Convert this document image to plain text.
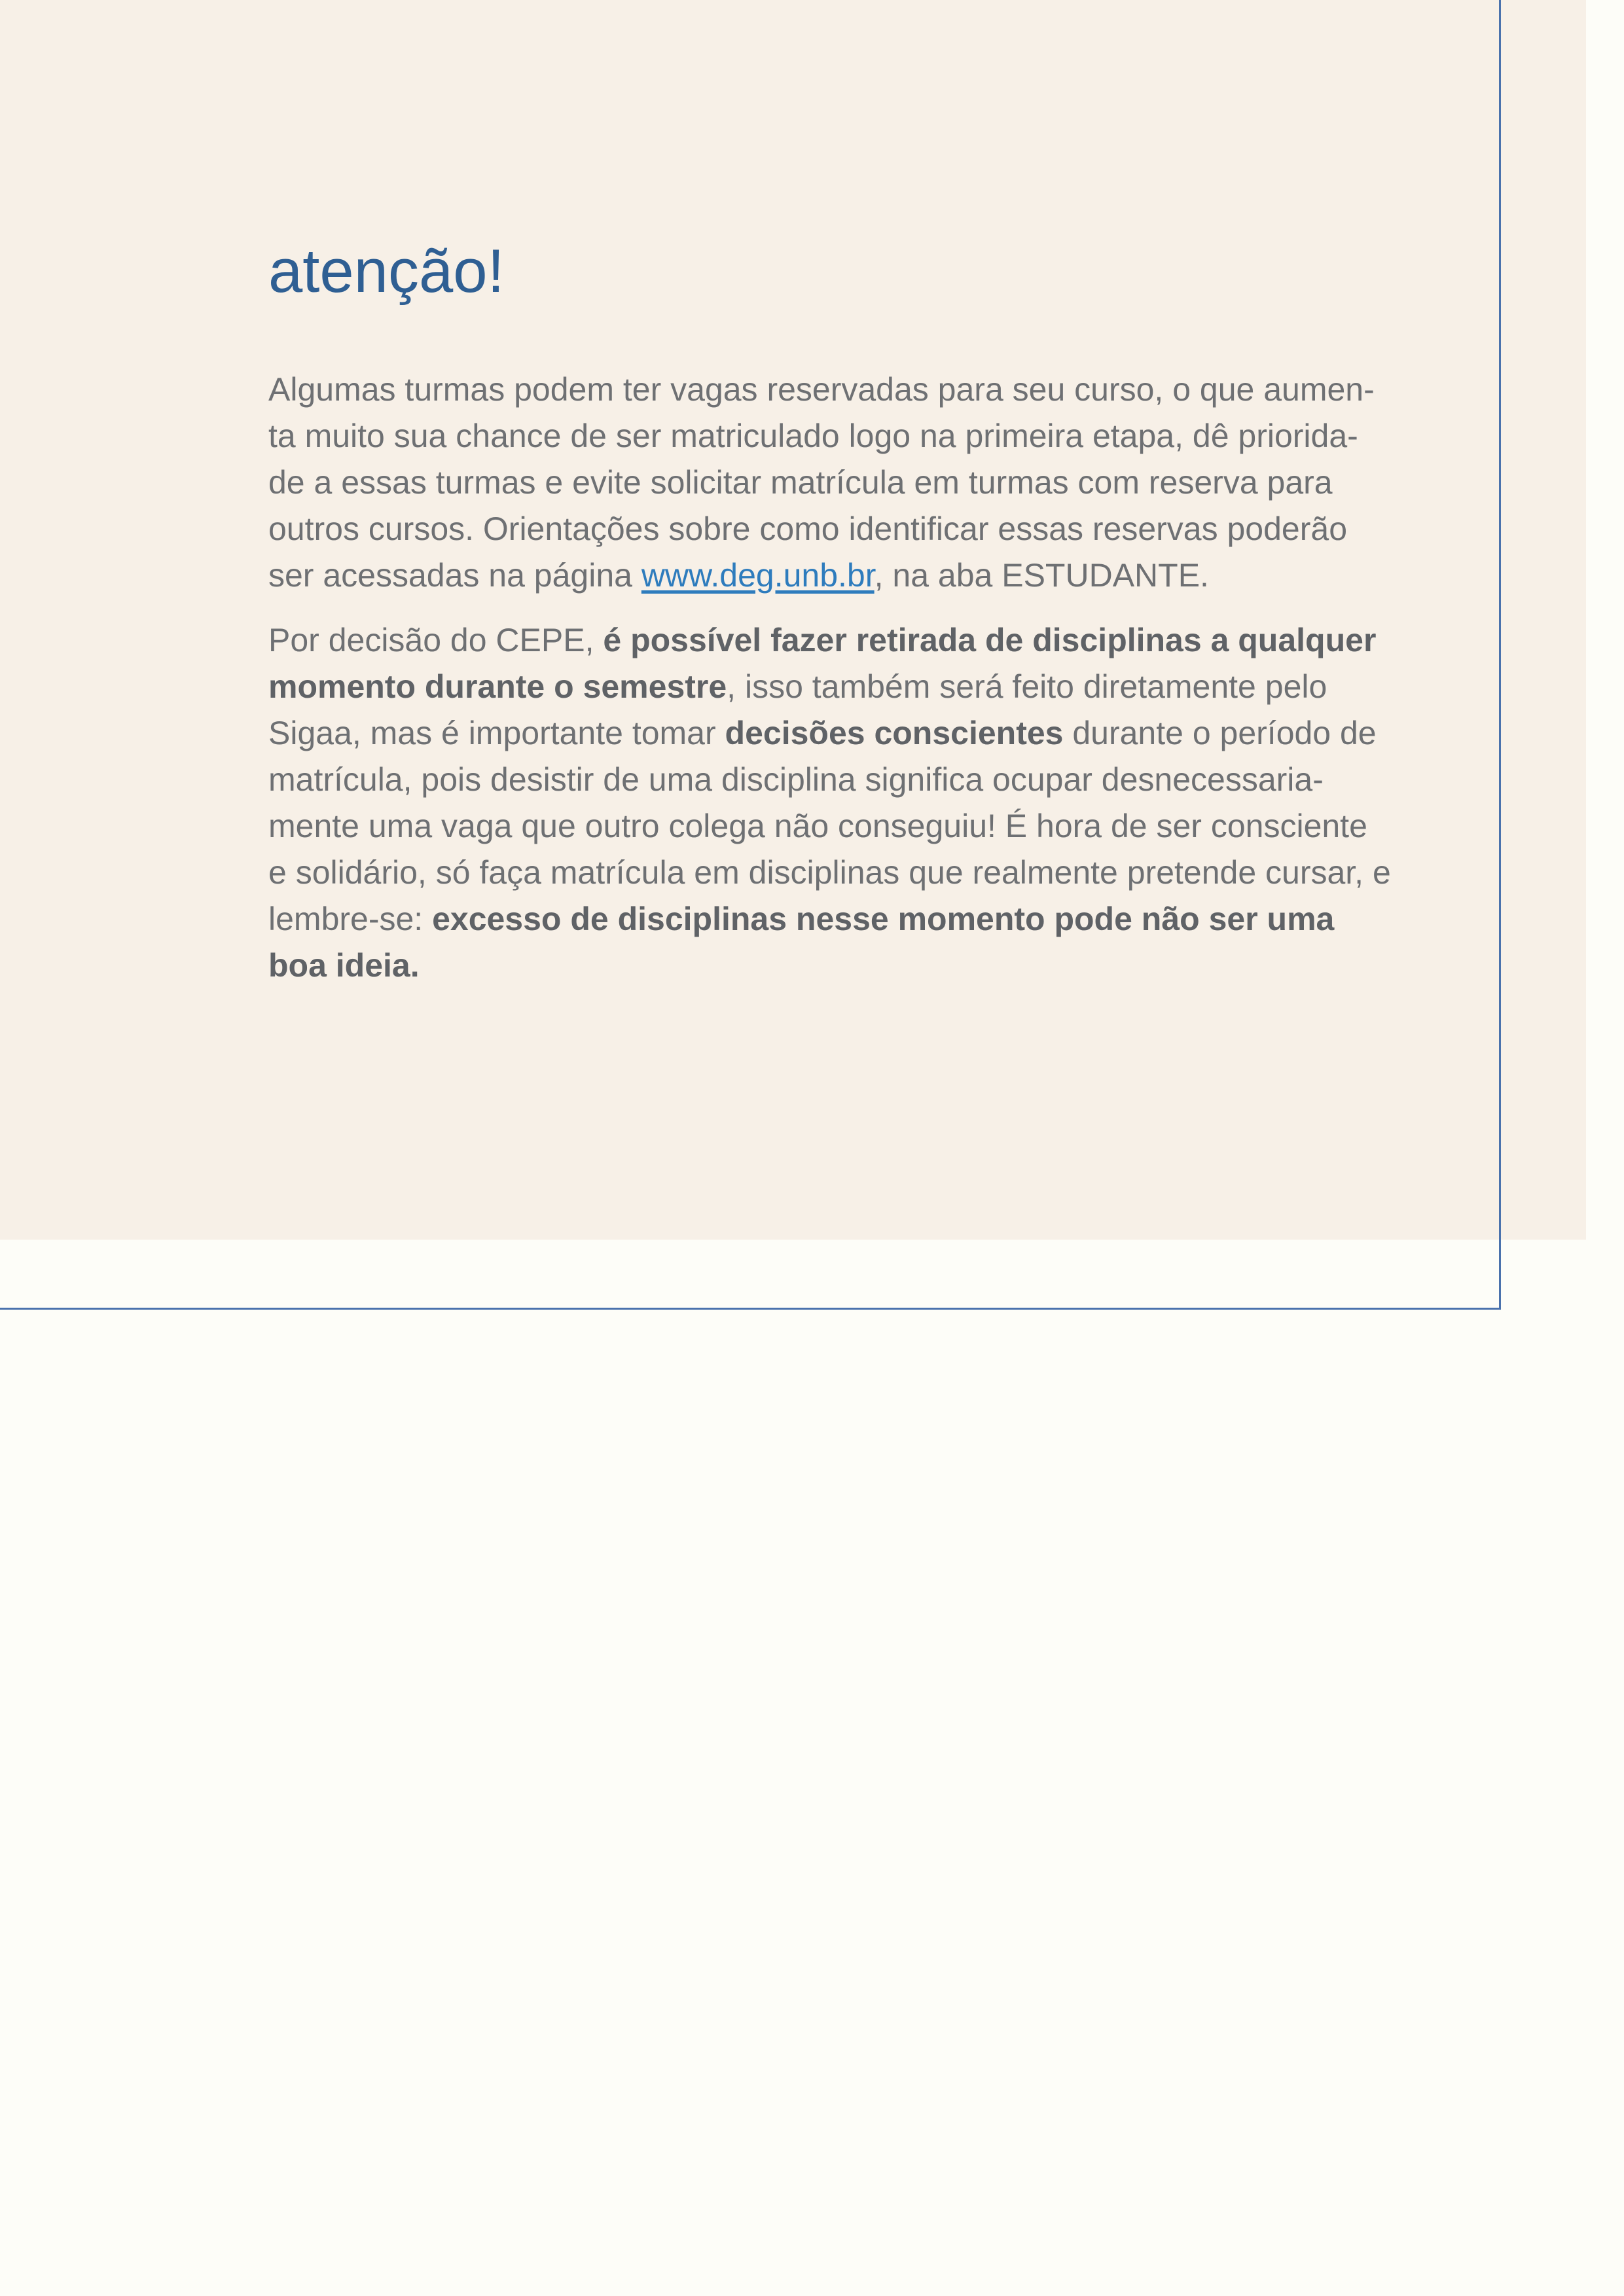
atenção!

Algumas turmas podem ter vagas reservadas para seu curso, o que aumen-ta muito sua chance de ser matriculado logo na primeira etapa, dê priorida-de a essas turmas e evite solicitar matrícula em turmas com reserva para outros cursos. Orientações sobre como identificar essas reservas poderão ser acessadas na página www.deg.unb.br, na aba ESTUDANTE.

Por decisão do CEPE, é possível fazer retirada de disciplinas a qualquer momento durante o semestre, isso também será feito diretamente pelo Sigaa, mas é importante tomar decisões conscientes durante o período de matrícula, pois desistir de uma disciplina significa ocupar desnecessaria-mente uma vaga que outro colega não conseguiu! É hora de ser consciente e solidário, só faça matrícula em disciplinas que realmente pretende cursar, e lembre-se: excesso de disciplinas nesse momento pode não ser uma boa ideia.
